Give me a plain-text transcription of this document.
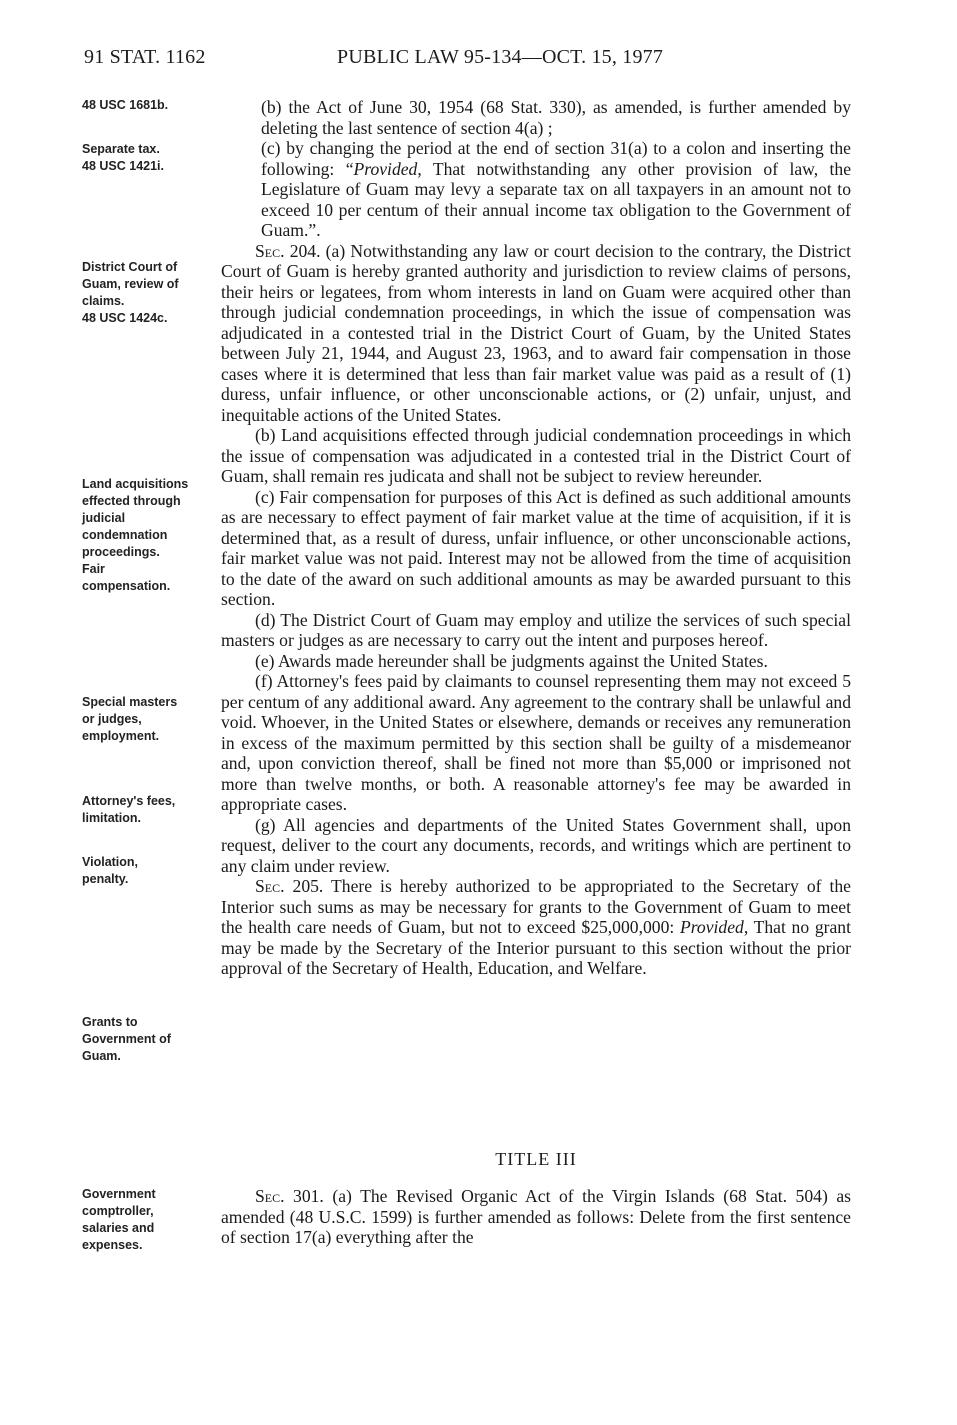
91 STAT. 1162	PUBLIC LAW 95-134—OCT. 15, 1977
48 USC 1681b.
Separate tax.
48 USC 1421i.
District Court of
Guam, review of
claims.
48 USC 1424c.
Land acquisitions
effected through
judicial
condemnation
proceedings.
Fair
compensation.
Special masters
or judges,
employment.
Attorney's fees,
limitation.
Violation,
penalty.
Grants to
Government of
Guam.
Government
comptroller,
salaries and
expenses.

(b) the Act of June 30, 1954 (68 Stat. 330), as amended, is further amended by deleting the last sentence of section 4(a) ;

(c) by changing the period at the end of section 31(a) to a colon and inserting the following: “Provided, That notwithstanding any other provision of law, the Legislature of Guam may levy a separate tax on all taxpayers in an amount not to exceed 10 per centum of their annual income tax obligation to the Government of Guam.”.

Sec. 204. (a) Notwithstanding any law or court decision to the contrary, the District Court of Guam is hereby granted authority and jurisdiction to review claims of persons, their heirs or legatees, from whom interests in land on Guam were acquired other than through judicial condemnation proceedings, in which the issue of compensation was adjudicated in a contested trial in the District Court of Guam, by the United States between July 21, 1944, and August 23, 1963, and to award fair compensation in those cases where it is determined that less than fair market value was paid as a result of (1) duress, unfair influence, or other unconscionable actions, or (2) unfair, unjust, and inequitable actions of the United States.

(b) Land acquisitions effected through judicial condemnation proceedings in which the issue of compensation was adjudicated in a contested trial in the District Court of Guam, shall remain res judicata and shall not be subject to review hereunder.

(c) Fair compensation for purposes of this Act is defined as such additional amounts as are necessary to effect payment of fair market value at the time of acquisition, if it is determined that, as a result of duress, unfair influence, or other unconscionable actions, fair market value was not paid. Interest may not be allowed from the time of acquisition to the date of the award on such additional amounts as may be awarded pursuant to this section.

(d) The District Court of Guam may employ and utilize the services of such special masters or judges as are necessary to carry out the intent and purposes hereof.

(e) Awards made hereunder shall be judgments against the United States.

(f) Attorney's fees paid by claimants to counsel representing them may not exceed 5 per centum of any additional award. Any agreement to the contrary shall be unlawful and void. Whoever, in the United States or elsewhere, demands or receives any remuneration in excess of the maximum permitted by this section shall be guilty of a misdemeanor and, upon conviction thereof, shall be fined not more than $5,000 or imprisoned not more than twelve months, or both. A reasonable attorney's fee may be awarded in appropriate cases.

(g) All agencies and departments of the United States Government shall, upon request, deliver to the court any documents, records, and writings which are pertinent to any claim under review.

Sec. 205. There is hereby authorized to be appropriated to the Secretary of the Interior such sums as may be necessary for grants to the Government of Guam to meet the health care needs of Guam, but not to exceed $25,000,000: Provided, That no grant may be made by the Secretary of the Interior pursuant to this section without the prior approval of the Secretary of Health, Education, and Welfare.

TITLE III

Sec. 301. (a) The Revised Organic Act of the Virgin Islands (68 Stat. 504) as amended (48 U.S.C. 1599) is further amended as follows: Delete from the first sentence of section 17(a) everything after the
